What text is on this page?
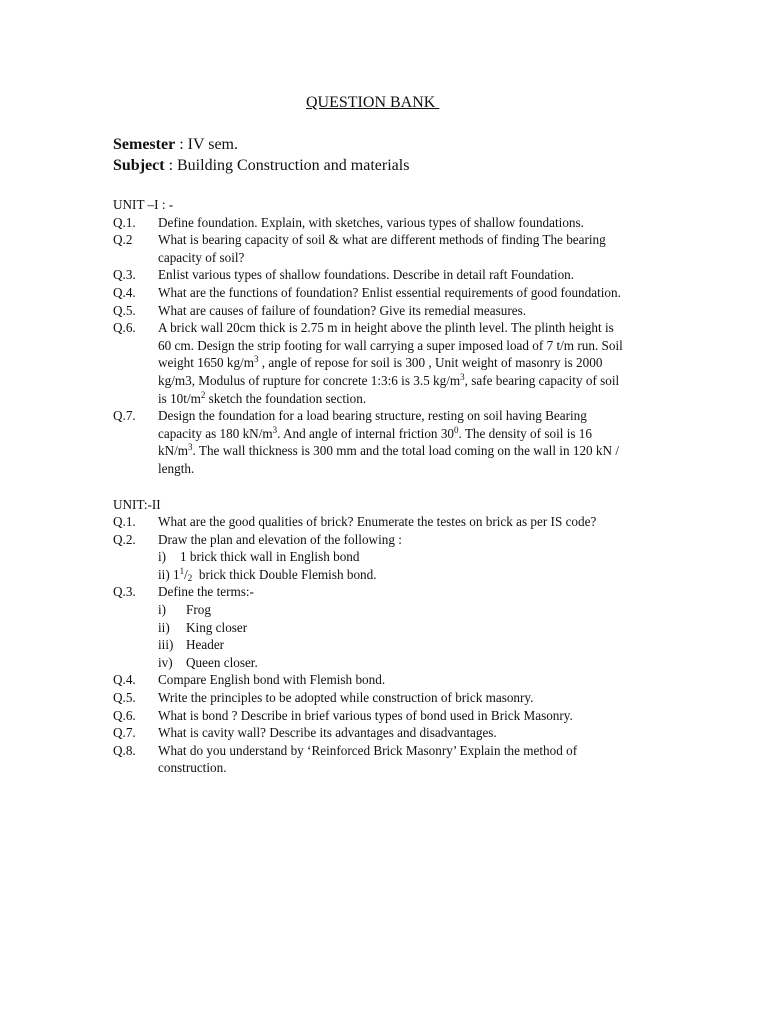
QUESTION BANK
Semester : IV sem.
Subject : Building Construction and materials
UNIT –I : -
Q.1.	Define foundation. Explain, with sketches, various types of shallow foundations.
Q.2	What is bearing capacity of soil & what are different methods of finding The bearing capacity of soil?
Q.3.	Enlist various types of shallow foundations. Describe in detail raft Foundation.
Q.4.	What are the functions of foundation? Enlist essential requirements of good foundation.
Q.5.	What are causes of failure of foundation? Give its remedial measures.
Q.6.	A brick wall 20cm thick is 2.75 m in height above the plinth level. The plinth height is 60 cm. Design the strip footing for wall carrying a super imposed load of 7 t/m run. Soil weight 1650 $kg/m^3$ , angle of repose for soil is 300 , Unit weight of masonry is 2000 kg/m3, Modulus of rupture for concrete 1:3:6 is 3.5 $kg/m^3$, safe bearing capacity of soil is $10t/m^2$ sketch the foundation section.
Q.7.	Design the foundation for a load bearing structure, resting on soil having Bearing capacity as 180 $kN/m^3$. And angle of internal friction $30^0$. The density of soil is 16 $kN/m^3$. The wall thickness is 300 mm and the total load coming on the wall in 120 kN / length.
UNIT:-II
Q.1.	What are the good qualities of brick? Enumerate the testes on brick as per IS code?
Q.2.	Draw the plan and elevation of the following :
i)	1 brick thick wall in English bond
ii) $1^1/_2$  brick thick Double Flemish bond.
Q.3.	Define the terms:-
i)	Frog
ii)	King closer
iii) Header
iv)	Queen closer.
Q.4.	Compare English bond with Flemish bond.
Q.5.	Write the principles to be adopted while construction of brick masonry.
Q.6.	What is bond ? Describe in brief various types of bond used in Brick Masonry.
Q.7.	What is cavity wall? Describe its advantages and disadvantages.
Q.8.	What do you understand by ‘Reinforced Brick Masonry’ Explain the method of construction.
